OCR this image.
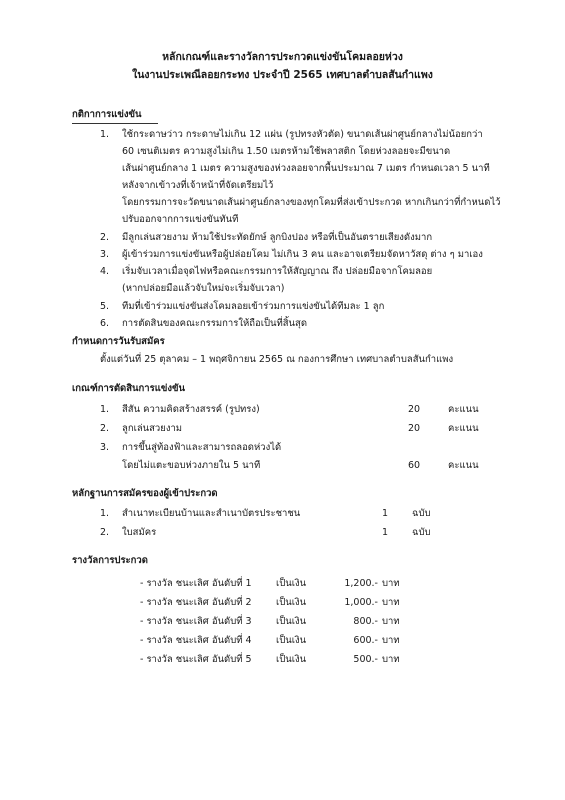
หลักเกณฑ์และรางวัลการประกวดแข่งขันโคมลอยห่วง
ในงานประเพณีลอยกระทง ประจำปี 2565 เทศบาลตำบลสันกำแพง
กติกาการแข่งขัน
1. ใช้กระดาษว่าว กระดาษไม่เกิน 12 แผ่น (รูปทรงหัวตัด) ขนาดเส้นผ่าศูนย์กลางไม่น้อยกว่า
60 เซนติเมตร ความสูงไม่เกิน 1.50 เมตรห้ามใช้พลาสติก โดยห่วงลอยจะมีขนาด
เส้นผ่าศูนย์กลาง 1 เมตร ความสูงของห่วงลอยจากพื้นประมาณ 7 เมตร กำหนดเวลา 5 นาที
หลังจากเข้าวงที่เจ้าหน้าที่จัดเตรียมไว้
โดยกรรมการจะวัดขนาดเส้นผ่าศูนย์กลางของทุกโคมที่ส่งเข้าประกวด หากเกินกว่าที่กำหนดไว้
ปรับออกจากการแข่งขันทันที
2. มีลูกเล่นสวยงาม ห้ามใช้ประทัดยักษ์ ลูกบิงปอง หรือที่เป็นอันตรายเสียงดังมาก
3. ผู้เข้าร่วมการแข่งขันหรือผู้ปล่อยโคม ไม่เกิน 3 คน และอาจเตรียมจัดหาวัสดุ ต่าง ๆ มาเอง
4. เริ่มจับเวลาเมื่อจุดไฟหรือคณะกรรมการให้สัญญาณ ถึง ปล่อยมือจากโคมลอย
(หากปล่อยมือแล้วจับใหม่จะเริ่มจับเวลา)
5. ทีมที่เข้าร่วมแข่งขันส่งโคมลอยเข้าร่วมการแข่งขันได้ทีมละ 1 ลูก
6. การตัดสินของคณะกรรมการให้ถือเป็นที่สิ้นสุด
กำหนดการวันรับสมัคร
ตั้งแต่วันที่ 25 ตุลาคม – 1 พฤศจิกายน 2565 ณ กองการศึกษา เทศบาลตำบลสันกำแพง
เกณฑ์การตัดสินการแข่งขัน
1. สีสัน ความคิดสร้างสรรค์ (รูปทรง)	20	คะแนน
2. ลูกเล่นสวยงาม	20	คะแนน
3. การขึ้นสู่ท้องฟ้าและสามารถลอดห่วงได้
โดยไม่แตะขอบห่วงภายใน 5 นาที	60	คะแนน
หลักฐานการสมัครของผู้เข้าประกวด
1. สำเนาทะเบียนบ้านและสำเนาบัตรประชาชน	1	ฉบับ
2. ใบสมัคร	1	ฉบับ
รางวัลการประกวด
- รางวัล ชนะเลิศ อันดับที่ 1	เป็นเงิน	1,200.- บาท
- รางวัล ชนะเลิศ อันดับที่ 2	เป็นเงิน	1,000.- บาท
- รางวัล ชนะเลิศ อันดับที่ 3	เป็นเงิน	800.- บาท
- รางวัล ชนะเลิศ อันดับที่ 4	เป็นเงิน	600.- บาท
- รางวัล ชนะเลิศ อันดับที่ 5	เป็นเงิน	500.- บาท
